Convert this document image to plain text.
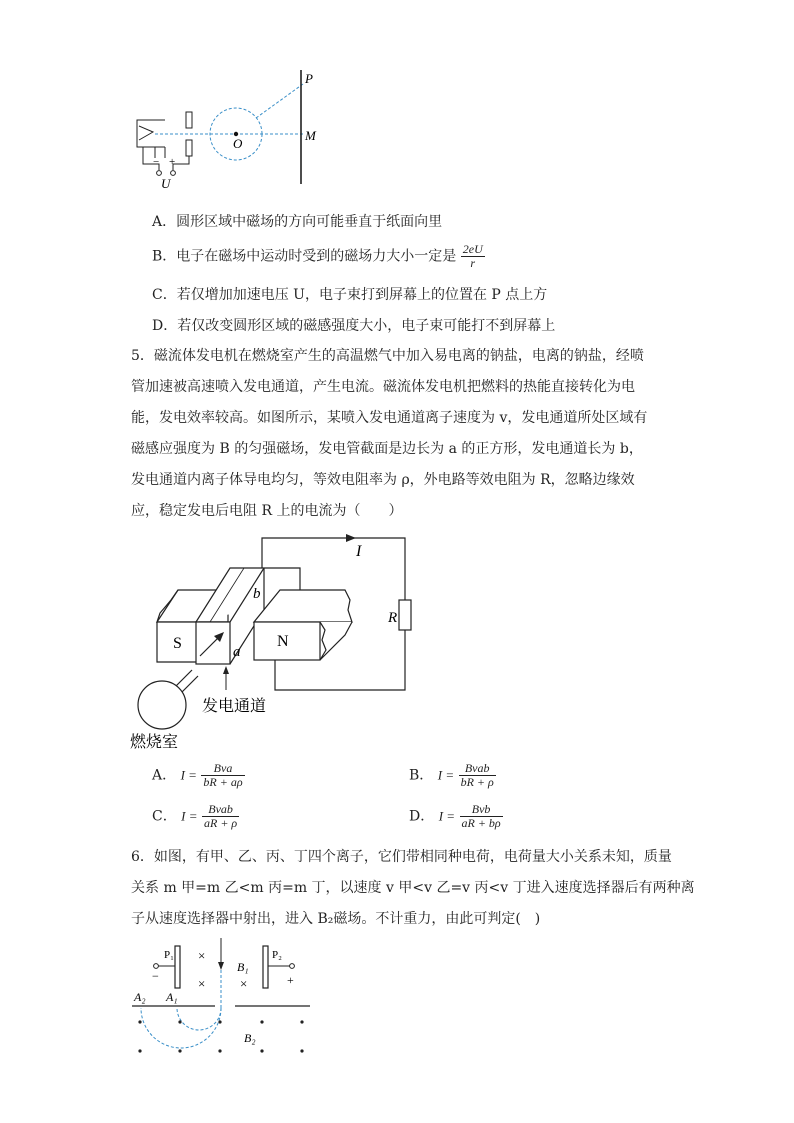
− +
U
O
P
M
A．圆形区域中磁场的方向可能垂直于纸面向里
B．电子在磁场中运动时受到的磁场力大小一定是 $\frac{2eU}{r}$
C．若仅增加加速电压 U，电子束打到屏幕上的位置在 P 点上方
D．若仅改变圆形区域的磁感强度大小，电子束可能打不到屏幕上
5．磁流体发电机在燃烧室产生的高温燃气中加入易电离的钠盐，电离的钠盐，经喷管加速被高速喷入发电通道，产生电流。磁流体发电机把燃料的热能直接转化为电能，发电效率较高。如图所示，某喷入发电通道离子速度为 v，发电通道所处区域有磁感应强度为 B 的匀强磁场，发电管截面是边长为 a 的正方形，发电通道长为 b，发电通道内离子体导电均匀，等效电阻率为 ρ，外电路等效电阻为 R，忽略边缘效应，稳定发电后电阻 R 上的电流为（　　）
I
R
b
a
S	N
发电通道
燃烧室
A． $I = \frac{\text{Bva}}{bR + a\rho}$	B． $I = \frac{\text{Bvab}}{bR + \rho}$
C． $I = \frac{\text{Bvab}}{aR + \rho}$	D． $I = \frac{\text{Bvb}}{aR + b\rho}$
6．如图，有甲、乙、丙、丁四个离子，它们带相同种电荷，电荷量大小关系未知，质量
关系 m 甲=m 乙<m 丙=m 丁，以速度 v 甲<v 乙=v 丙<v 丁进入速度选择器后有两种离
子从速度选择器中射出，进入 B₂磁场。不计重力，由此可判定(　)
P₁	P₂
−	+
×
×	×
B₁
A₂ A₁
B₂
